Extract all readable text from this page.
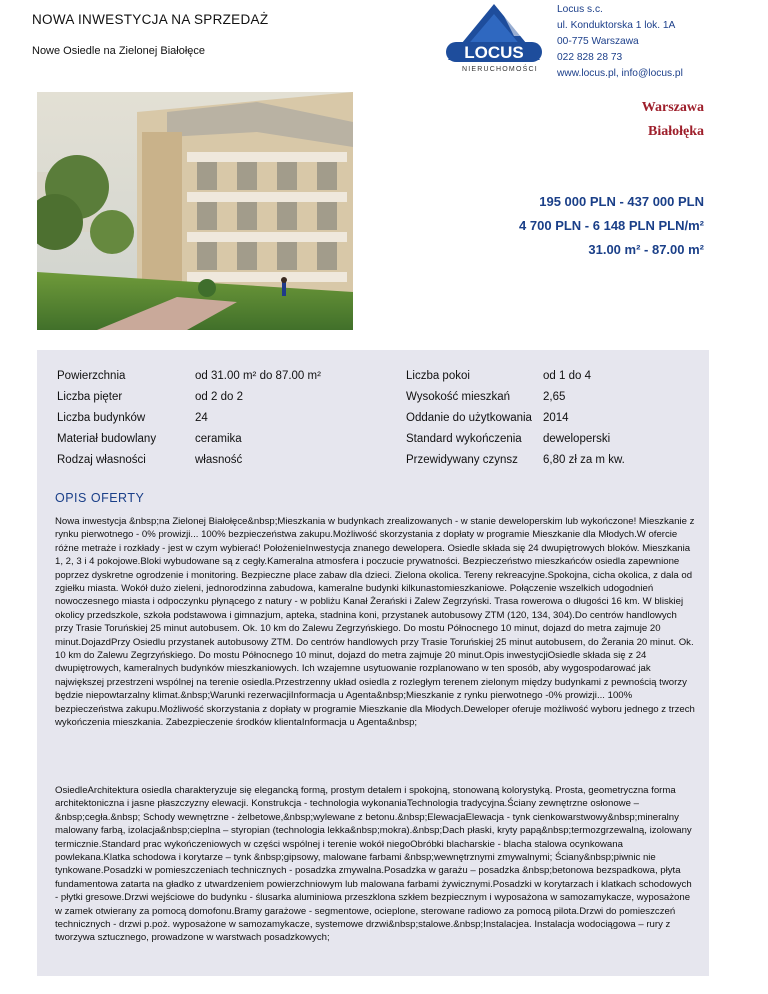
NOWA INWESTYCJA NA SPRZEDAŻ
Nowe Osiedle na Zielonej Białołęce	LOCUS
NIERUCHOMOŚCI
Locus s.c.
ul. Konduktorska 1 lok. 1A
00-775 Warszawa
022 828 28 73
www.locus.pl, info@locus.pl
Warszawa
Białołęka
195 000 PLN - 437 000 PLN
4 700 PLN - 6 148 PLN PLN/m²
31.00 m² - 87.00 m²
Powierzchnia	od 31.00 m² do 87.00 m²
Liczba pięter	od 2 do 2
Liczba budynków	24
Materiał budowlany	ceramika
Rodzaj własności	własność
Liczba pokoi	od 1 do 4
Wysokość mieszkań	2,65
Oddanie do użytkowania 2014
Standard wykończenia deweloperski
Przewidywany czynsz 6,80 zł za m kw.
OPIS OFERTY
Nowa inwestycja &nbsp;na Zielonej Białołęce&nbsp;Mieszkania w budynkach zrealizowanych - w stanie deweloperskim lub wykończone! Mieszkanie z rynku pierwotnego - 0% prowizji... 100% bezpieczeństwa zakupu.Możliwość skorzystania z dopłaty w programie Mieszkanie dla Młodych.W ofercie różne metraże i rozkłady - jest w czym wybierać! PołożenieInwestycja znanego dewelopera. Osiedle składa się 24 dwupiętrowych bloków. Mieszkania 1, 2, 3 i 4 pokojowe.Bloki wybudowane są z cegły.Kameralna atmosfera i poczucie prywatności. Bezpieczeństwo mieszkańców osiedla zapewnione poprzez dyskretne ogrodzenie i monitoring. Bezpieczne place zabaw dla dzieci. Zielona okolica. Tereny rekreacyjne.Spokojna, cicha okolica, z dala od zgiełku miasta. Wokół dużo zieleni, jednorodzinna zabudowa, kameralne budynki kilkunastomieszkaniowe. Połączenie wszelkich udogodnień nowoczesnego miasta i odpoczynku płynącego z natury - w pobliżu Kanał Żerański i Zalew Zegrzyński. Trasa rowerowa o długości 16 km. W bliskiej okolicy przedszkole, szkoła podstawowa i gimnazjum, apteka, stadnina koni, przystanek autobusowy ZTM (120, 134, 304).Do centrów handlowych przy Trasie Toruńskiej 25 minut autobusem. Ok. 10 km do Zalewu Zegrzyńskiego. Do mostu Północnego 10 minut, dojazd do metra zajmuje 20 minut.DojazdPrzy Osiedlu przystanek autobusowy ZTM. Do centrów handlowych przy Trasie Toruńskiej 25 minut autobusem, do Żerania 20 minut. Ok. 10 km do Zalewu Zegrzyńskiego. Do mostu Północnego 10 minut, dojazd do metra zajmuje 20 minut.Opis inwestycjiOsiedle składa się z 24 dwupiętrowych, kameralnych budynków mieszkaniowych. Ich wzajemne usytuowanie rozplanowano w ten sposób, aby wygospodarować jak największej przestrzeni wspólnej na terenie osiedla.Przestrzenny układ osiedla z rozległym terenem zielonym między budynkami z pewnością tworzy będzie niepowtarzalny klimat.&nbsp;Warunki rezerwacjiInformacja u Agenta&nbsp;Mieszkanie z rynku pierwotnego -0% prowizji... 100% bezpieczeństwa zakupu.Możliwość skorzystania z dopłaty w programie Mieszkanie dla Młodych.Deweloper oferuje możliwość wyboru jednego z trzech wykończenia mieszkania. Zabezpieczenie środków klientaInformacja u Agenta&nbsp;
OsiedleArchitektura osiedla charakteryzuje się elegancką formą, prostym detalem i spokojną, stonowaną kolorystyką. Prosta, geometryczna forma architektoniczna i jasne płaszczyzny elewacji. Konstrukcja - technologia wykonaniaTechnologia tradycyjna.Ściany zewnętrzne osłonowe –&nbsp;cegła.&nbsp; Schody wewnętrzne - żelbetowe,&nbsp;wylewane z betonu.&nbsp;ElewacjaElewacja - tynk cienkowarstwowy&nbsp;mineralny malowany farbą, izolacja&nbsp;cieplna – styropian (technologia lekka&nbsp;mokra).&nbsp;Dach płaski, kryty papą&nbsp;termozgrzewalną, izolowany termicznie.Standard prac wykończeniowych w części wspólnej i terenie wokół niegoObróbki blacharskie - blacha stalowa ocynkowana powlekana.Klatka schodowa i korytarze – tynk &nbsp;gipsowy, malowane farbami &nbsp;wewnętrznymi zmywalnymi; Ściany&nbsp;piwnic nie tynkowane.Posadzki w pomieszczeniach technicznych - posadzka zmywalna.Posadzka w garażu – posadzka &nbsp;betonowa bezspadkowa, płyta fundamentowa zatarta na gładko z utwardzeniem powierzchniowym lub malowana farbami żywicznymi.Posadzki w korytarzach i klatkach schodowych - płytki gresowe.Drzwi wejściowe do budynku - ślusarka aluminiowa przeszklona szkłem bezpiecznym i wyposażona w samozamykacze, wyposażone w zamek otwierany za pomocą domofonu.Bramy garażowe - segmentowe, ocieplone, sterowane radiowo za pomocą pilota.Drzwi do pomieszczeń technicznych - drzwi p.poż. wyposażone w samozamykacze, systemowe drzwi&nbsp;stalowe.&nbsp;Instalacjea. Instalacja wodociągowa – rury z tworzywa sztucznego, prowadzone w warstwach posadzkowych;
